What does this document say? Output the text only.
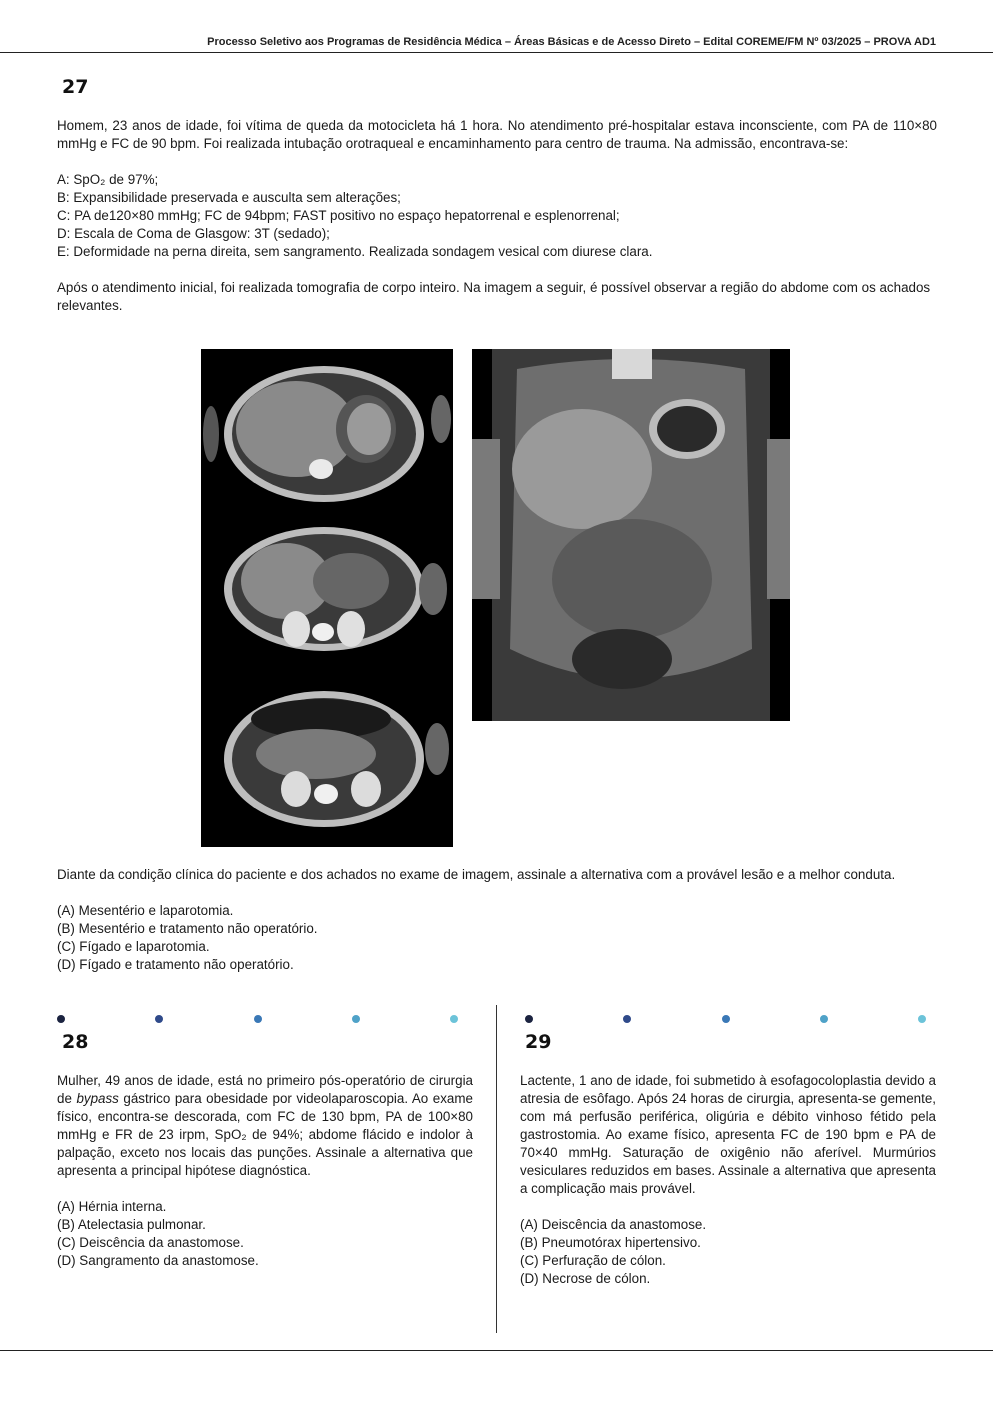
Processo Seletivo aos Programas de Residência Médica – Áreas Básicas e de Acesso Direto – Edital COREME/FM Nº 03/2025 – PROVA AD1
27

Homem, 23 anos de idade, foi vítima de queda da motocicleta há 1 hora. No atendimento pré-hospitalar estava inconsciente, com PA de 110×80 mmHg e FC de 90 bpm. Foi realizada intubação orotraqueal e encaminhamento para centro de trauma. Na admissão, encontrava-se:

A: SpO₂ de 97%;

B: Expansibilidade preservada e ausculta sem alterações;

C: PA de120×80 mmHg; FC de 94bpm; FAST positivo no espaço hepatorrenal e esplenorrenal;

D: Escala de Coma de Glasgow: 3T (sedado);

E: Deformidade na perna direita, sem sangramento. Realizada sondagem vesical com diurese clara.

Após o atendimento inicial, foi realizada tomografia de corpo inteiro. Na imagem a seguir, é possível observar a região do abdome com os achados relevantes.

Diante da condição clínica do paciente e dos achados no exame de imagem, assinale a alternativa com a provável lesão e a melhor conduta.

(A) Mesentério e laparotomia.

(B) Mesentério e tratamento não operatório.

(C) Fígado e laparotomia.

(D) Fígado e tratamento não operatório.

28

Mulher, 49 anos de idade, está no primeiro pós-operatório de cirurgia de bypass gástrico para obesidade por videolaparoscopia. Ao exame físico, encontra-se descorada, com FC de 130 bpm, PA de 100×80 mmHg e FR de 23 irpm, SpO₂ de 94%; abdome flácido e indolor à palpação, exceto nos locais das punções. Assinale a alternativa que apresenta a principal hipótese diagnóstica.

(A) Hérnia interna.

(B) Atelectasia pulmonar.

(C) Deiscência da anastomose.

(D) Sangramento da anastomose.

29

Lactente, 1 ano de idade, foi submetido à esofagocoloplastia devido a atresia de esôfago. Após 24 horas de cirurgia, apresenta-se gemente, com má perfusão periférica, oligúria e débito vinhoso fétido pela gastrostomia. Ao exame físico, apresenta FC de 190 bpm e PA de 70×40 mmHg. Saturação de oxigênio não aferível. Murmúrios vesiculares reduzidos em bases. Assinale a alternativa que apresenta a complicação mais provável.

(A) Deiscência da anastomose.

(B) Pneumotórax hipertensivo.

(C) Perfuração de cólon.

(D) Necrose de cólon.
